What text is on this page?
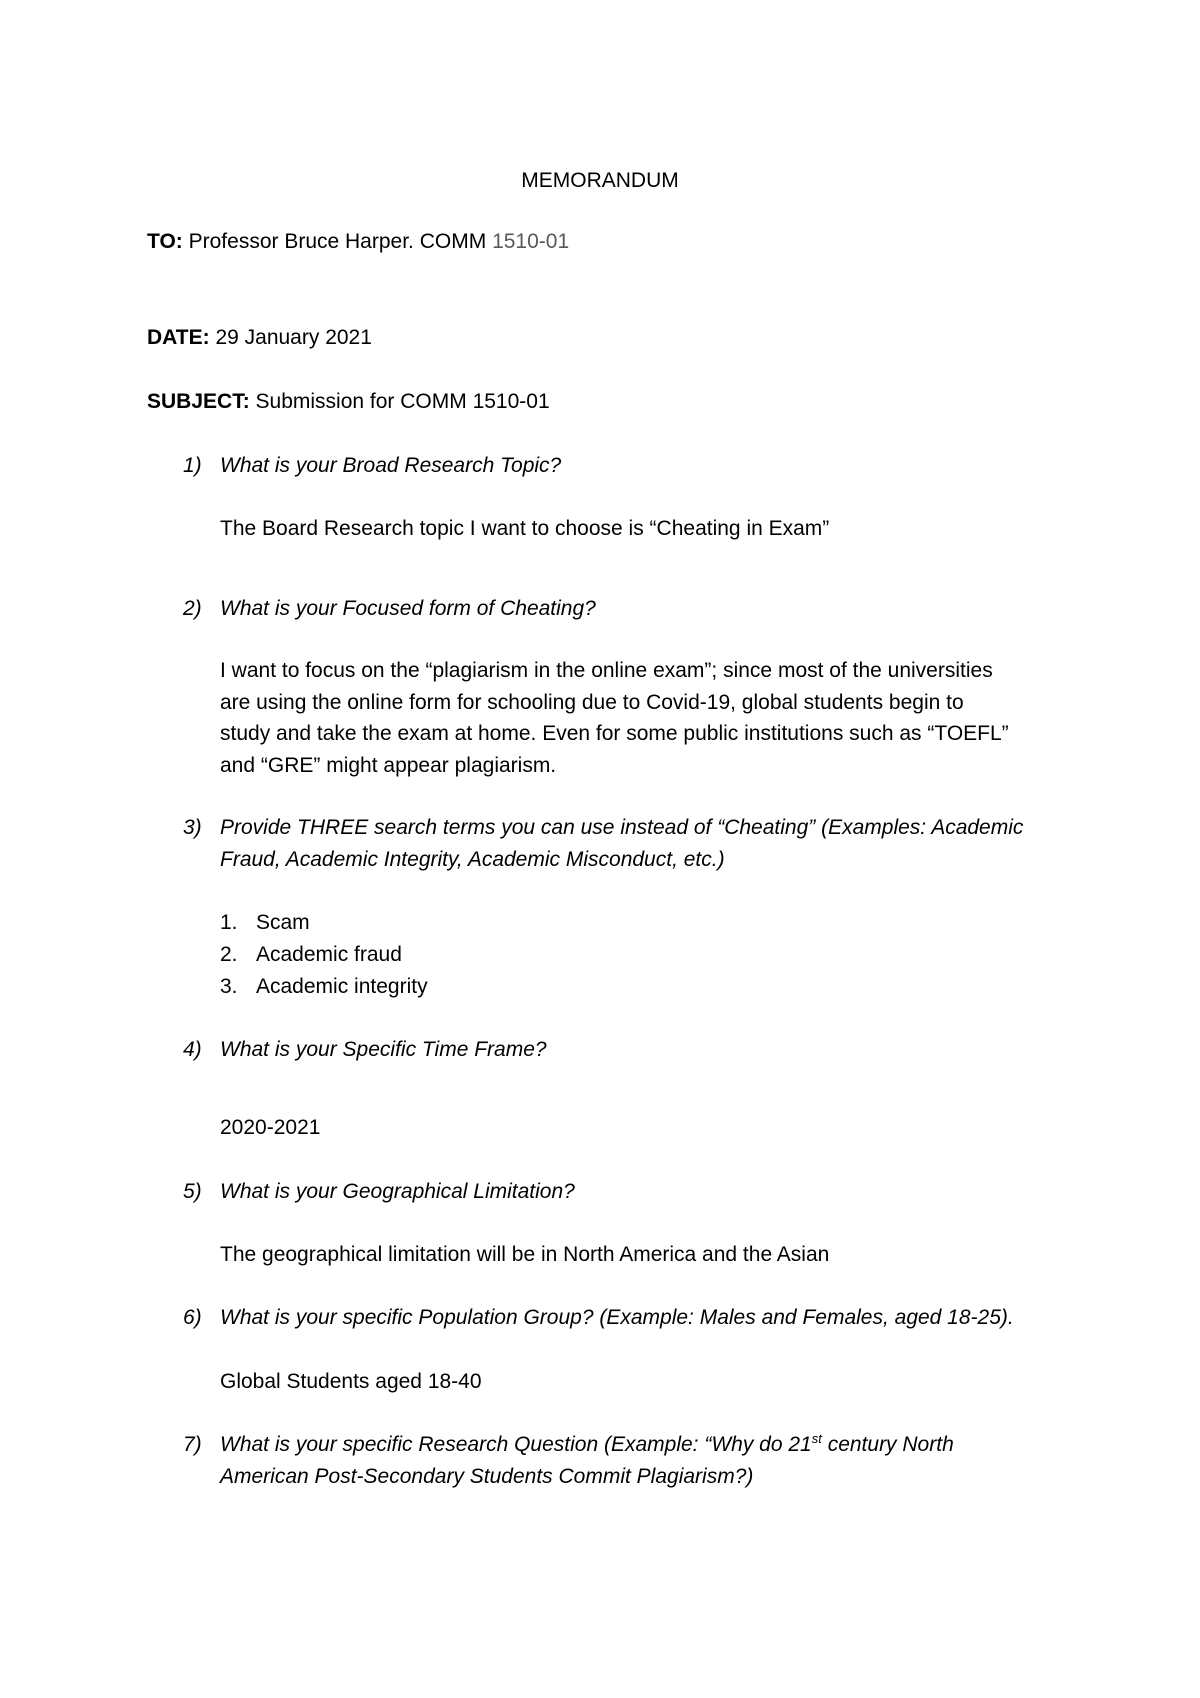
MEMORANDUM
TO: Professor Bruce Harper. COMM 1510-01
DATE: 29 January 2021
SUBJECT: Submission for COMM 1510-01
1) What is your Broad Research Topic?
The Board Research topic I want to choose is “Cheating in Exam”
2) What is your Focused form of Cheating?
I want to focus on the “plagiarism in the online exam”; since most of the universities
are using the online form for schooling due to Covid-19, global students begin to
study and take the exam at home. Even for some public institutions such as “TOEFL”
and “GRE” might appear plagiarism.
3) Provide THREE search terms you can use instead of “Cheating” (Examples: Academic
Fraud, Academic Integrity, Academic Misconduct, etc.)
1. Scam
2. Academic fraud
3. Academic integrity
4) What is your Specific Time Frame?
2020-2021
5) What is your Geographical Limitation?
The geographical limitation will be in North America and the Asian
6) What is your specific Population Group? (Example: Males and Females, aged 18-25).
Global Students aged 18-40
7) What is your specific Research Question (Example: “Why do 21st century North
American Post-Secondary Students Commit Plagiarism?)
